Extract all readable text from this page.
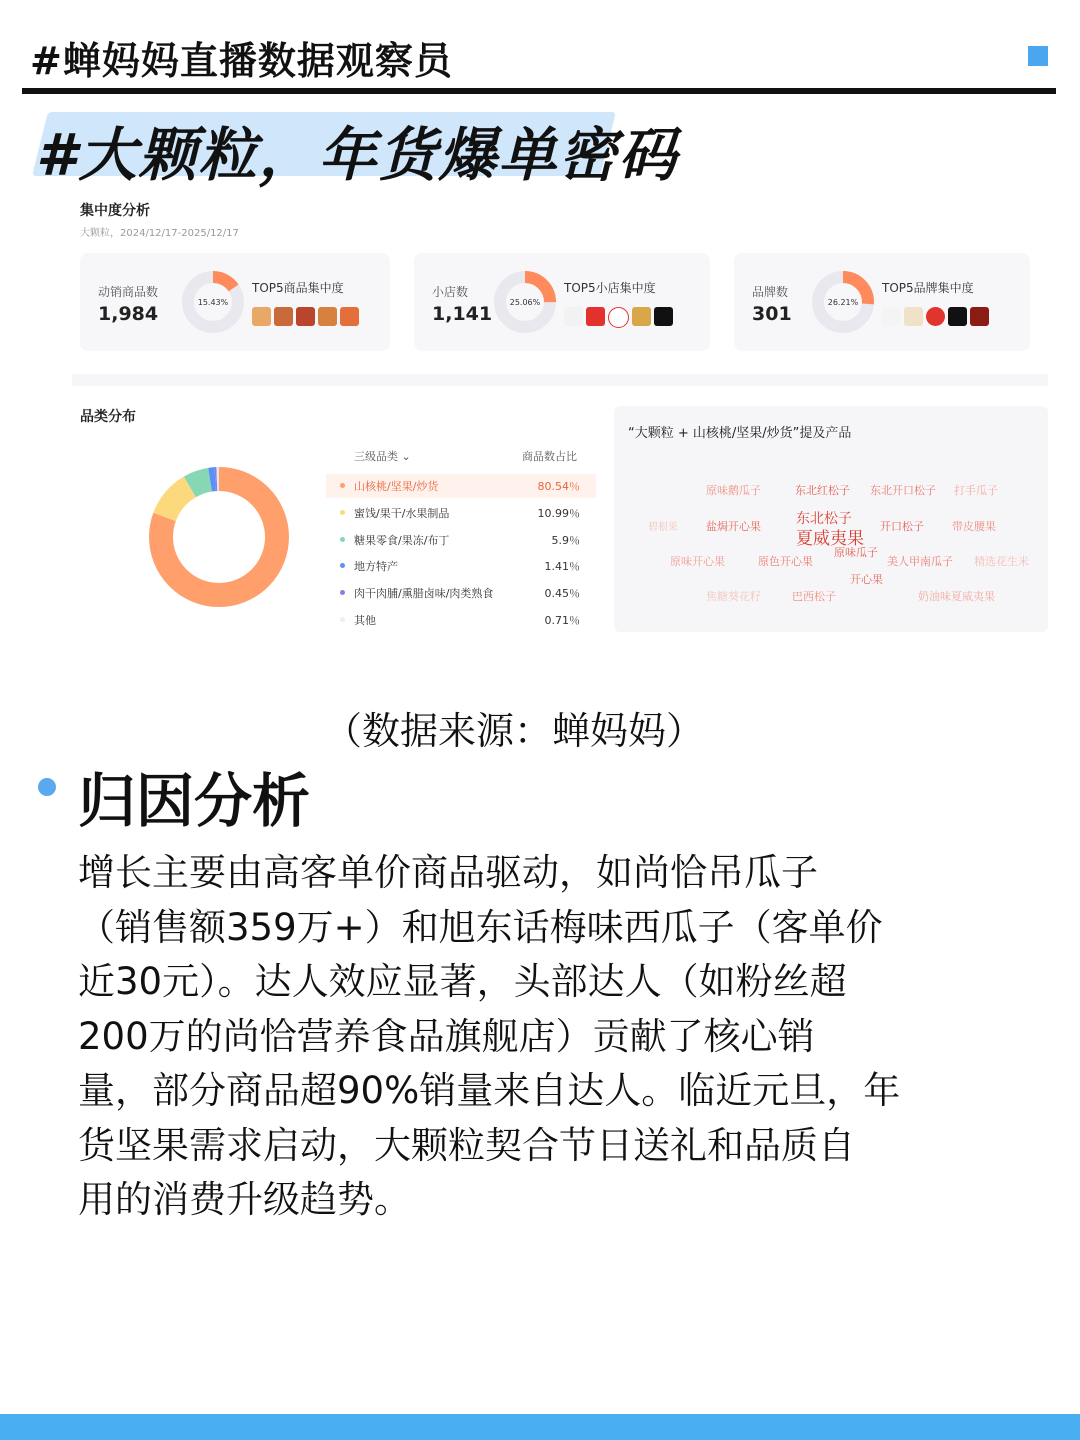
#蝉妈妈直播数据观察员
#大颗粒，年货爆单密码
集中度分析
大颗粒，2024/12/17-2025/12/17
动销商品数
1,984
15.43%
TOP5商品集中度	小店数
1,141
25.06%
TOP5小店集中度	品牌数
301
26.21%
TOP5品牌集中度
品类分布
三级品类 ⌄	商品数占比
山核桃/坚果/炒货	80.54％
蜜饯/果干/水果制品	10.99％
糖果零食/果冻/布丁	5.9％
地方特产	1.41％
肉干肉脯/熏腊卤味/肉类熟食	0.45％
其他	0.71％
“大颗粒 + 山核桃/坚果/炒货”提及产品
原味鹅瓜子	东北红松子 东北开口松子 打手瓜子
碧根果	盐焗开心果	东北松子
夏威夷果
开口松子	带皮腰果
原味瓜子
原味开心果	原色开心果	美人甲南瓜子 精选花生米
开心果
焦糖葵花籽	巴西松子	奶油味夏威夷果
（数据来源：蝉妈妈）
归因分析
增长主要由高客单价商品驱动，如尚恰吊瓜子
（销售额359万+）和旭东话梅味西瓜子（客单价
近30元）。达人效应显著，头部达人（如粉丝超
200万的尚恰营养食品旗舰店）贡献了核心销
量，部分商品超90%销量来自达人。临近元旦，年
货坚果需求启动，大颗粒契合节日送礼和品质自
用的消费升级趋势。
